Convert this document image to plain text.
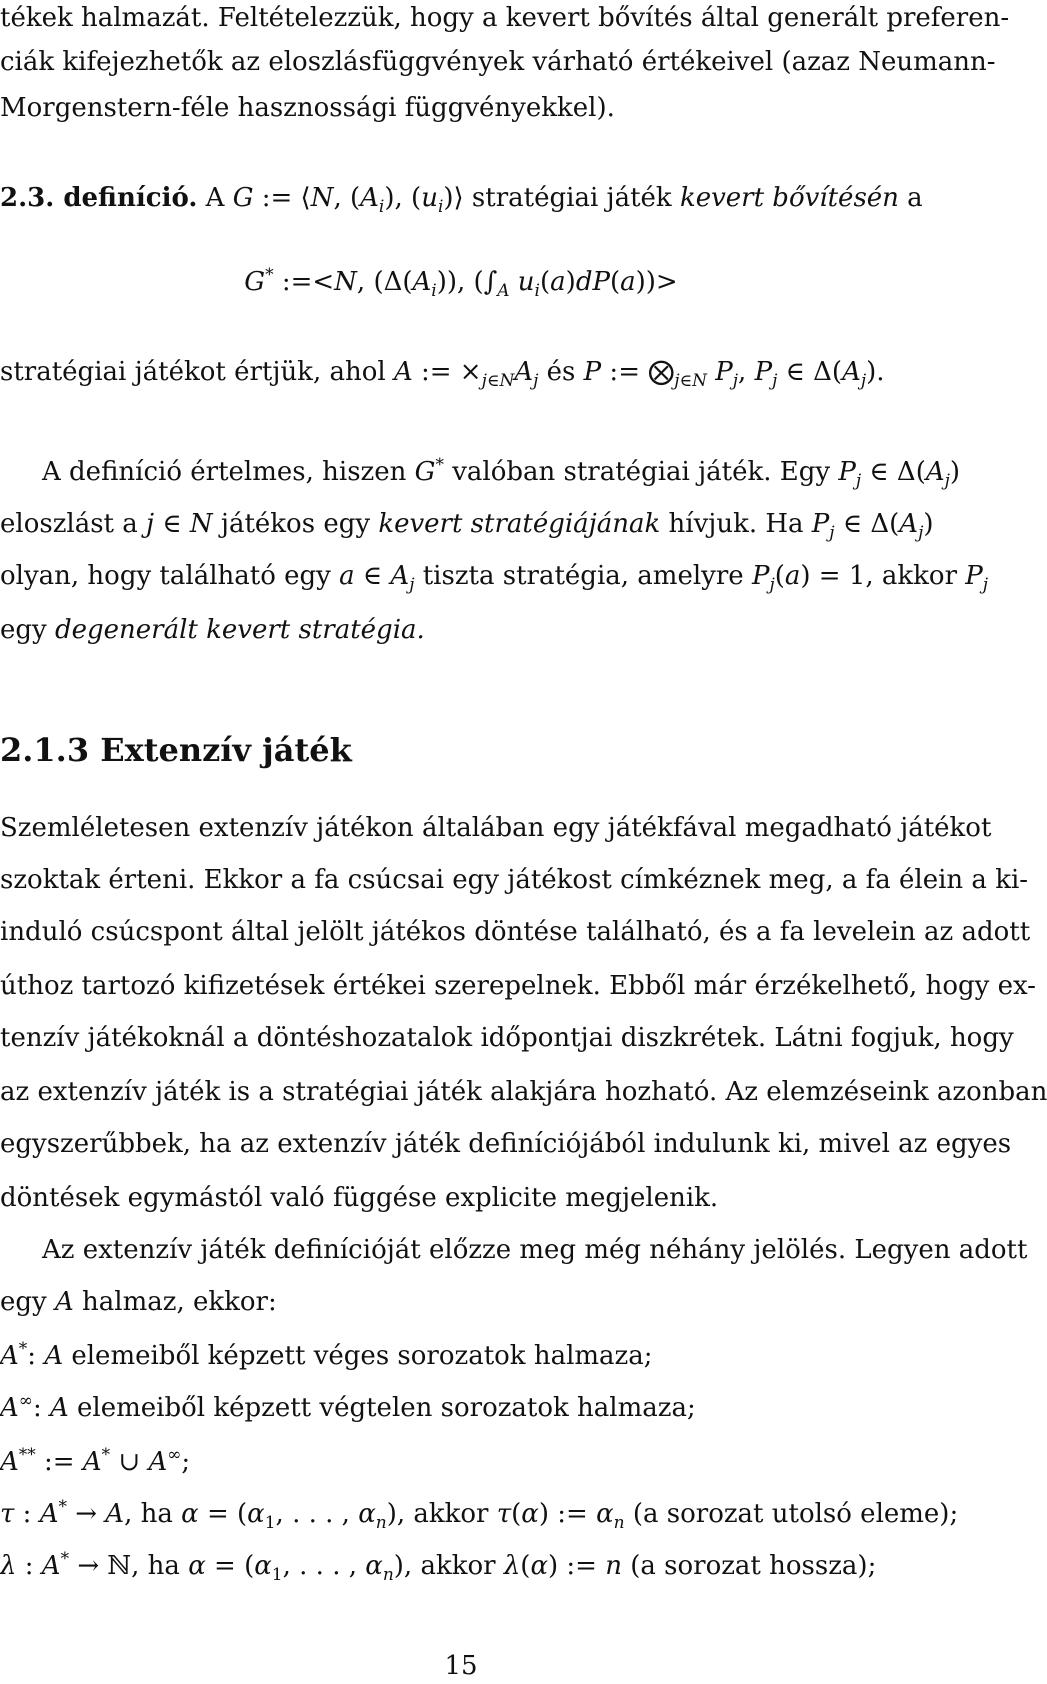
tékek halmazát. Feltételezzük, hogy a kevert bővítés által generált preferen-
ciák kifejezhetők az eloszlásfüggvények várható értékeivel (azaz Neumann-
Morgenstern-féle hasznossági függvényekkel).
2.3. definíció. A G := ⟨N, $(A_i)$, $(u_i)⟩$ stratégiai játék kevert bővítésén a
G* :=<N, $(\Delta(A_i))$, ($\int_A$ $u_i(a)dP(a))>$
stratégiai játékot értjük, ahol A := $\times_{j\in N}A_j$ és P := $⨂_{j\in N}$ $P_j$, $P_j$ ∈ $\Delta(A_j)$.
A definíció értelmes, hiszen G* valóban stratégiai játék. Egy $P_j$ ∈ $\Delta(A_j)$
eloszlást a j ∈ N játékos egy kevert stratégiájának hívjuk. Ha $P_j$ ∈ $\Delta(A_j)$
olyan, hogy található egy a ∈ $A_j$ tiszta stratégia, amelyre $P_j(a) = 1$, akkor $P_j$
egy degenerált kevert stratégia.
2.1.3 Extenzív játék
Szemléletesen extenzív játékon általában egy játékfával megadható játékot
szoktak érteni. Ekkor a fa csúcsai egy játékost címkéznek meg, a fa élein a ki-
induló csúcspont által jelölt játékos döntése található, és a fa levelein az adott
úthoz tartozó kifizetések értékei szerepelnek. Ebből már érzékelhető, hogy ex-
tenzív játékoknál a döntéshozatalok időpontjai diszkrétek. Látni fogjuk, hogy
az extenzív játék is a stratégiai játék alakjára hozható. Az elemzéseink azonban
egyszerűbbek, ha az extenzív játék definíciójából indulunk ki, mivel az egyes
döntések egymástól való függése explicite megjelenik.
Az extenzív játék definícióját előzze meg még néhány jelölés. Legyen adott
egy A halmaz, ekkor:
A*: A elemeiből képzett véges sorozatok halmaza;
A∞: A elemeiből képzett végtelen sorozatok halmaza;
A** := A* ∪ A∞;
τ : A* → A, ha $\alpha = (\alpha_1$, . . . , $\alpha_n$), akkor τ(α) := $\alpha_n$ (a sorozat utolsó eleme);
λ : A* → ℕ, ha $\alpha = (\alpha_1$, . . . , $\alpha_n$), akkor λ(α) := n (a sorozat hossza);
15
